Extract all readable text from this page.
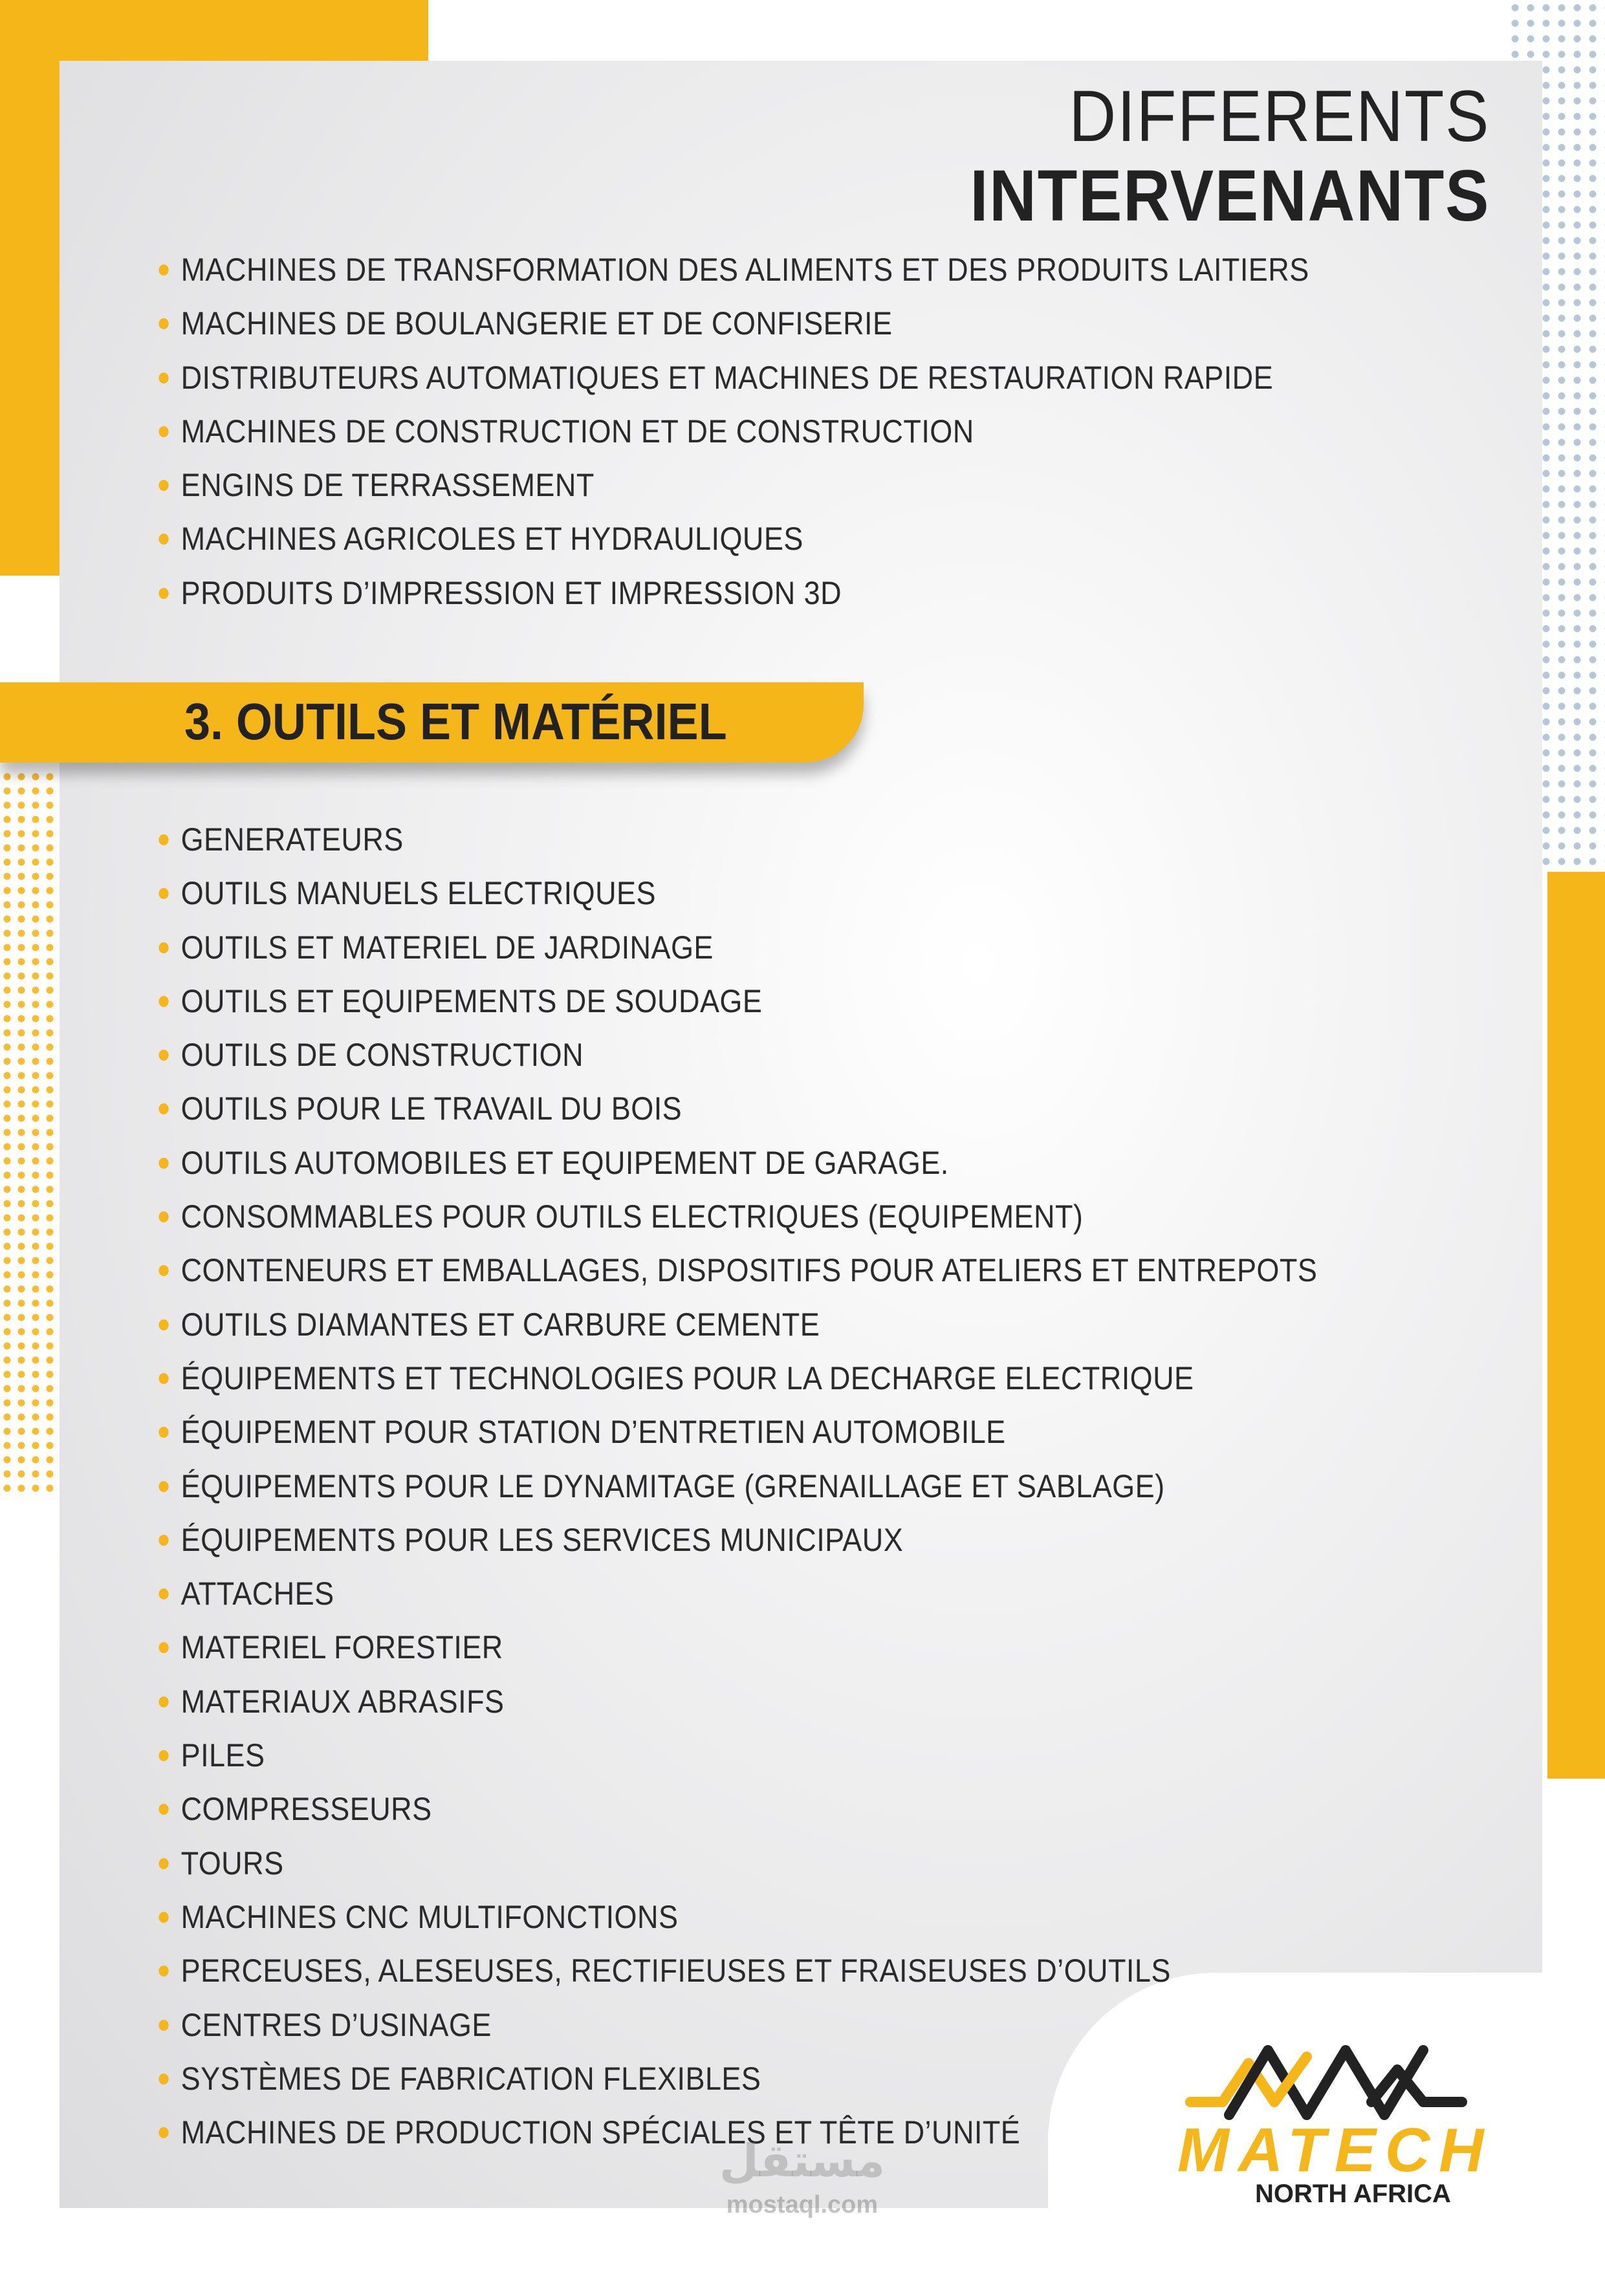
DIFFERENTS
INTERVENANTS
MACHINES DE TRANSFORMATION DES ALIMENTS ET DES PRODUITS LAITIERS
MACHINES DE BOULANGERIE ET DE CONFISERIE
DISTRIBUTEURS AUTOMATIQUES ET MACHINES DE RESTAURATION RAPIDE
MACHINES DE CONSTRUCTION ET DE CONSTRUCTION
ENGINS DE TERRASSEMENT
MACHINES AGRICOLES ET HYDRAULIQUES
PRODUITS D’IMPRESSION ET IMPRESSION 3D
3. OUTILS ET MATÉRIEL
GENERATEURS
OUTILS MANUELS ELECTRIQUES
OUTILS ET MATERIEL DE JARDINAGE
OUTILS ET EQUIPEMENTS DE SOUDAGE
OUTILS DE CONSTRUCTION
OUTILS POUR LE TRAVAIL DU BOIS
OUTILS AUTOMOBILES ET EQUIPEMENT DE GARAGE.
CONSOMMABLES POUR OUTILS ELECTRIQUES (EQUIPEMENT)
CONTENEURS ET EMBALLAGES, DISPOSITIFS POUR ATELIERS ET ENTREPOTS
OUTILS DIAMANTES ET CARBURE CEMENTE
ÉQUIPEMENTS ET TECHNOLOGIES POUR LA DECHARGE ELECTRIQUE
ÉQUIPEMENT POUR STATION D’ENTRETIEN AUTOMOBILE
ÉQUIPEMENTS POUR LE DYNAMITAGE (GRENAILLAGE ET SABLAGE)
ÉQUIPEMENTS POUR LES SERVICES MUNICIPAUX
ATTACHES
MATERIEL FORESTIER
MATERIAUX ABRASIFS
PILES
COMPRESSEURS
TOURS
MACHINES CNC MULTIFONCTIONS
PERCEUSES, ALESEUSES, RECTIFIEUSES ET FRAISEUSES D’OUTILS
CENTRES D’USINAGE
SYSTÈMES DE FABRICATION FLEXIBLES
MACHINES DE PRODUCTION SPÉCIALES ET TÊTE D’UNITÉ	MATECH
NORTH AFRICA
مستقل
mostaql.com
